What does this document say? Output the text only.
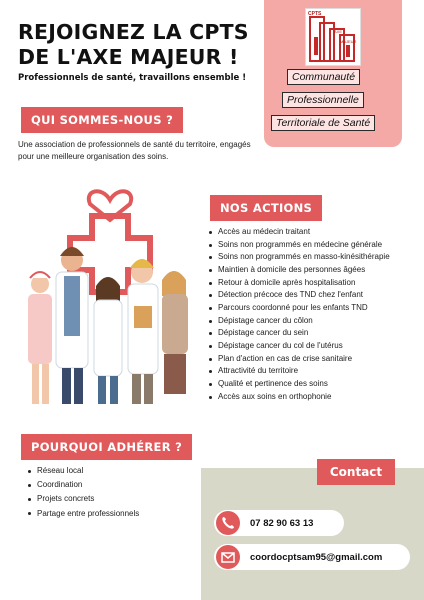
REJOIGNEZ LA CPTS
DE L'AXE MAJEUR !
Professionnels de santé, travaillons ensemble !
CPTS
AXE
MAJEUR
Communauté
Professionnelle
Territoriale de Santé
QUI SOMMES-NOUS ?
Une association de professionnels de santé du territoire, engagés pour une meilleure organisation des soins.
NOS ACTIONS
Accès au médecin traitant
Soins non programmés en médecine générale
Soins non programmés en masso-kinésithérapie
Maintien à domicile des personnes âgées
Retour à domicile après hospitalisation
Détection précoce des TND chez l'enfant
Parcours coordonné pour les enfants TND
Dépistage cancer du côlon
Dépistage cancer du sein
Dépistage cancer du col de l'utérus
Plan d'action en cas de crise sanitaire
Attractivité du territoire
Qualité et pertinence des soins
Accès aux soins en orthophonie
POURQUOI ADHÉRER ?
Réseau local
Coordination
Projets concrets
Partage entre professionnels
Contact
07 82 90 63 13
coordocptsam95@gmail.com
